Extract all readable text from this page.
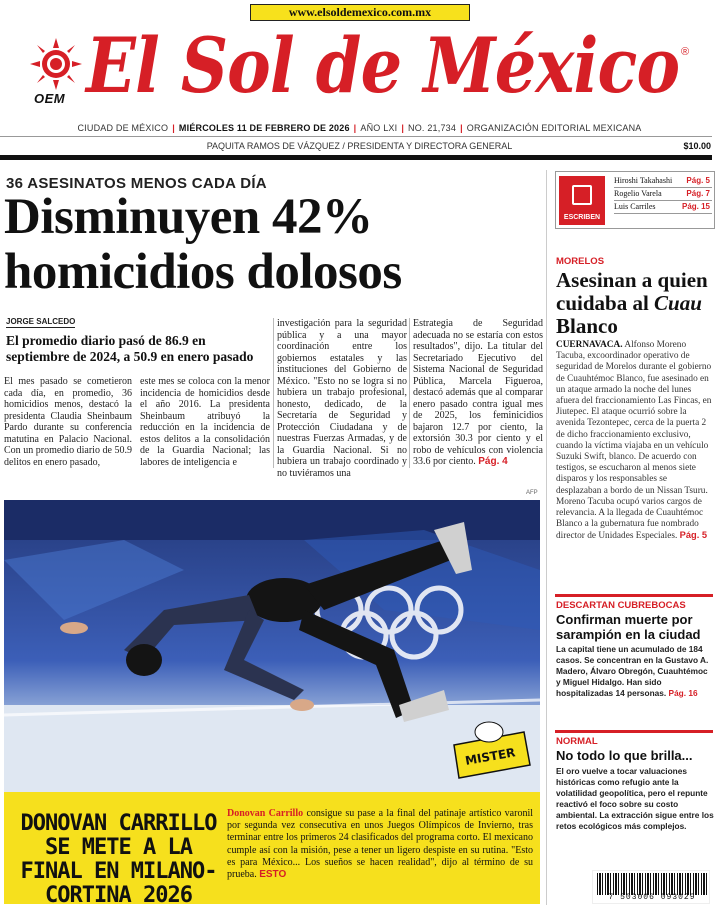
www.elsoldemexico.com.mx
OEM El Sol de México ®
CIUDAD DE MÉXICO | MIÉRCOLES 11 DE FEBRERO DE 2026 | AÑO LXI | NO. 21,734 | ORGANIZACIÓN EDITORIAL MEXICANA
PAQUITA RAMOS DE VÁZQUEZ / PRESIDENTA Y DIRECTORA GENERAL	$10.00
36 ASESINATOS MENOS CADA DÍA
Disminuyen 42% homicidios dolosos
JORGE SALCEDO
El promedio diario pasó de 86.9 en septiembre de 2024, a 50.9 en enero pasado
El mes pasado se cometieron cada día, en promedio, 36 homicidios menos, destacó la presidenta Claudia Sheinbaum Pardo durante su conferencia matutina en Palacio Nacional. Con un promedio diario de 50.9 delitos en enero pasado,
este mes se coloca con la menor incidencia de homicidios desde el año 2016. La presidenta Sheinbaum atribuyó la reducción en la incidencia de estos delitos a la consolidación de la Guardia Nacional; las labores de inteligencia e
investigación para la seguridad pública y a una mayor coordinación entre los gobiernos estatales y las instituciones del Gobierno de México. "Esto no se logra si no hubiera un trabajo profesional, honesto, dedicado, de la Secretaría de Seguridad y Protección Ciudadana y de nuestras Fuerzas Armadas, y de la Guardia Nacional. Si no hubiera un trabajo coordinado y no tuviéramos una
Estrategia de Seguridad adecuada no se estaría con estos resultados", dijo. La titular del Secretariado Ejecutivo del Sistema Nacional de Seguridad Pública, Marcela Figueroa, destacó además que al comparar enero pasado contra igual mes de 2025, los feminicidios bajaron 12.7 por ciento, la extorsión 30.3 por ciento y el robo de vehículos con violencia 33.6 por ciento. Pág. 4
AFP
MISTER
DONOVAN CARRILLO SE METE A LA FINAL EN MILANO-CORTINA 2026
Donovan Carrillo consigue su pase a la final del patinaje artístico varonil por segunda vez consecutiva en unos Juegos Olímpicos de Invierno, tras terminar entre los primeros 24 clasificados del programa corto. El mexicano cumple así con la misión, pese a tener un ligero despiste en su rutina. "Esto es para México... Los sueños se hacen realidad", dijo al término de su prueba. ESTO
ESCRIBEN
Hiroshi Takahashi Pág. 5
Rogelio Varela	Pág. 7
Luis Carriles	Pág. 15
MORELOS
Asesinan a quien cuidaba al Cuau Blanco
CUERNAVACA. Alfonso Moreno Tacuba, excoordinador operativo de seguridad de Morelos durante el gobierno de Cuauhtémoc Blanco, fue asesinado en un ataque armado la noche del lunes afuera del fraccionamiento Las Fincas, en Jiutepec. El ataque ocurrió sobre la avenida Tezontepec, cerca de la puerta 2 de dicho fraccionamiento exclusivo, cuando la víctima viajaba en un vehículo Suzuki Swift, blanco. De acuerdo con testigos, se escucharon al menos siete disparos y los responsables se desplazaban a bordo de un Nissan Tsuru. Moreno Tacuba ocupó varios cargos de relevancia. A la llegada de Cuauhtémoc Blanco a la gubernatura fue nombrado director de Unidades Especiales. Pág. 5
DESCARTAN CUBREBOCAS
Confirman muerte por sarampión en la ciudad
La capital tiene un acumulado de 184 casos. Se concentran en la Gustavo A. Madero, Álvaro Obregón, Cuauhtémoc y Miguel Hidalgo. Han sido hospitalizadas 14 personas. Pág. 16
NORMAL
No todo lo que brilla...
El oro vuelve a tocar valuaciones históricas como refugio ante la volatilidad geopolítica, pero el repunte reactivó el foco sobre su costo ambiental. La extracción sigue entre los retos ecológicos más complejos.
7 503006 093029
